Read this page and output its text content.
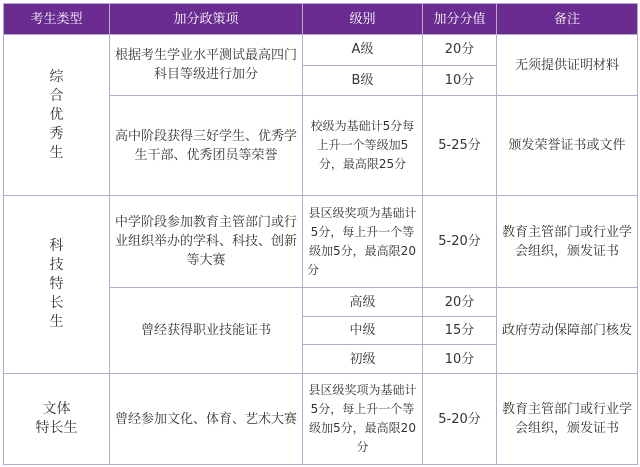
考生类型	加分政策项	级别	加分分值	备注

综
合
优
秀
生	根据考生学业水平测试最高四门科目等级进行加分	A级	20分	无须提供证明材料
		B级	10分	
	高中阶段获得三好学生、优秀学生干部、优秀团员等荣誉	校级为基础计5分每上升一个等级加5分，最高限25分	5-25分	颁发荣誉证书或文件

科
技
特
长
生	中学阶段参加教育主管部门或行业组织举办的学科、科技、创新等大赛	县区级奖项为基础计5分，每上升一个等级加5分，最高限20分	5-20分	教育主管部门或行业学会组织，颁发证书
	曾经获得职业技能证书	高级	20分	政府劳动保障部门核发
		中级	15分	
		初级	10分	

文体
特长生	曾经参加文化、体育、艺术大赛	县区级奖项为基础计5分，每上升一个等级加5分，最高限20分	5-20分	教育主管部门或行业学会组织，颁发证书
